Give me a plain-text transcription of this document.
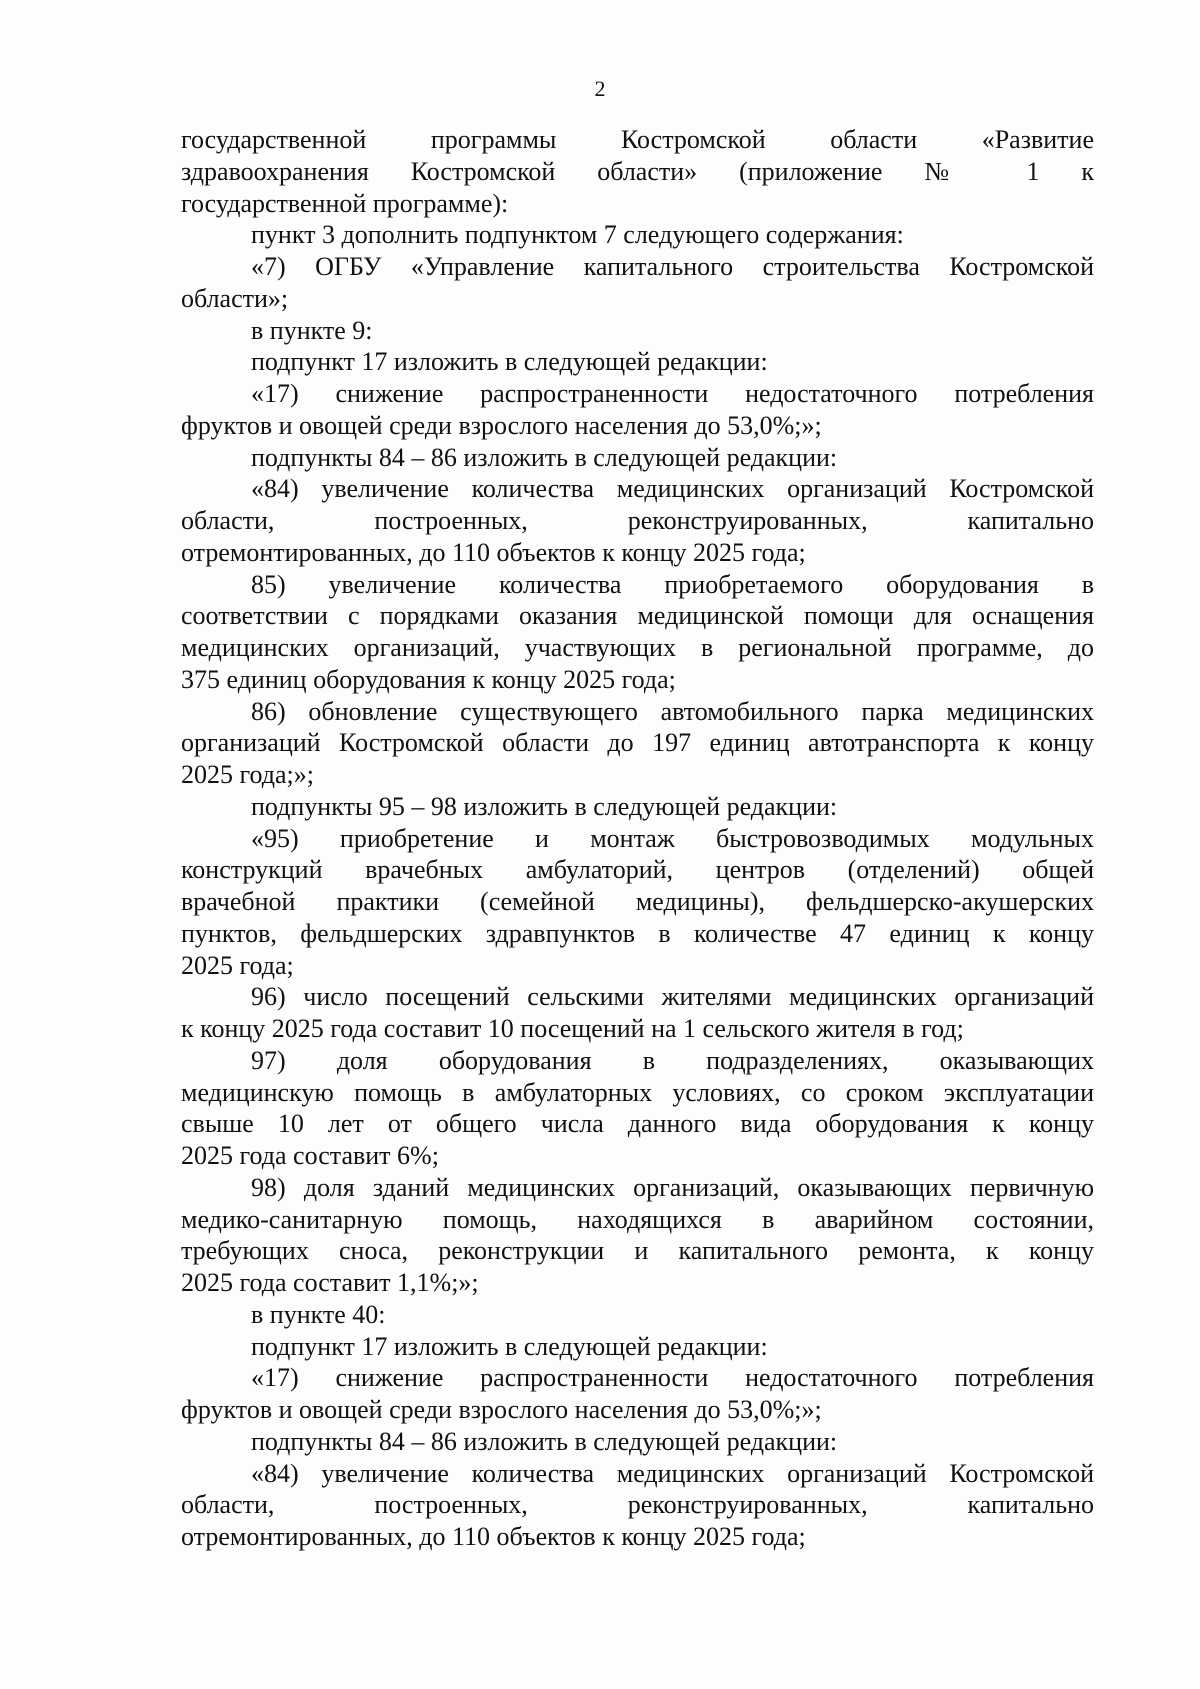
2
государственной программы Костромской области «Развитие
здравоохранения Костромской области» (приложение № 1 к
государственной программе):
пункт 3 дополнить подпунктом 7 следующего содержания:
«7) ОГБУ «Управление капитального строительства Костромской
области»;
в пункте 9:
подпункт 17 изложить в следующей редакции:
«17) снижение распространенности недостаточного потребления
фруктов и овощей среди взрослого населения до 53,0%;»;
подпункты 84 – 86 изложить в следующей редакции:
«84) увеличение количества медицинских организаций Костромской
области, построенных, реконструированных, капитально
отремонтированных, до 110 объектов к концу 2025 года;
85) увеличение количества приобретаемого оборудования в
соответствии с порядками оказания медицинской помощи для оснащения
медицинских организаций, участвующих в региональной программе, до
375 единиц оборудования к концу 2025 года;
86) обновление существующего автомобильного парка медицинских
организаций Костромской области до 197 единиц автотранспорта к концу
2025 года;»;
подпункты 95 – 98 изложить в следующей редакции:
«95) приобретение и монтаж быстровозводимых модульных
конструкций врачебных амбулаторий, центров (отделений) общей
врачебной практики (семейной медицины), фельдшерско-акушерских
пунктов, фельдшерских здравпунктов в количестве 47 единиц к концу
2025 года;
96) число посещений сельскими жителями медицинских организаций
к концу 2025 года составит 10 посещений на 1 сельского жителя в год;
97) доля оборудования в подразделениях, оказывающих
медицинскую помощь в амбулаторных условиях, со сроком эксплуатации
свыше 10 лет от общего числа данного вида оборудования к концу
2025 года составит 6%;
98) доля зданий медицинских организаций, оказывающих первичную
медико-санитарную помощь, находящихся в аварийном состоянии,
требующих сноса, реконструкции и капитального ремонта, к концу
2025 года составит 1,1%;»;
в пункте 40:
подпункт 17 изложить в следующей редакции:
«17) снижение распространенности недостаточного потребления
фруктов и овощей среди взрослого населения до 53,0%;»;
подпункты 84 – 86 изложить в следующей редакции:
«84) увеличение количества медицинских организаций Костромской
области, построенных, реконструированных, капитально
отремонтированных, до 110 объектов к концу 2025 года;
